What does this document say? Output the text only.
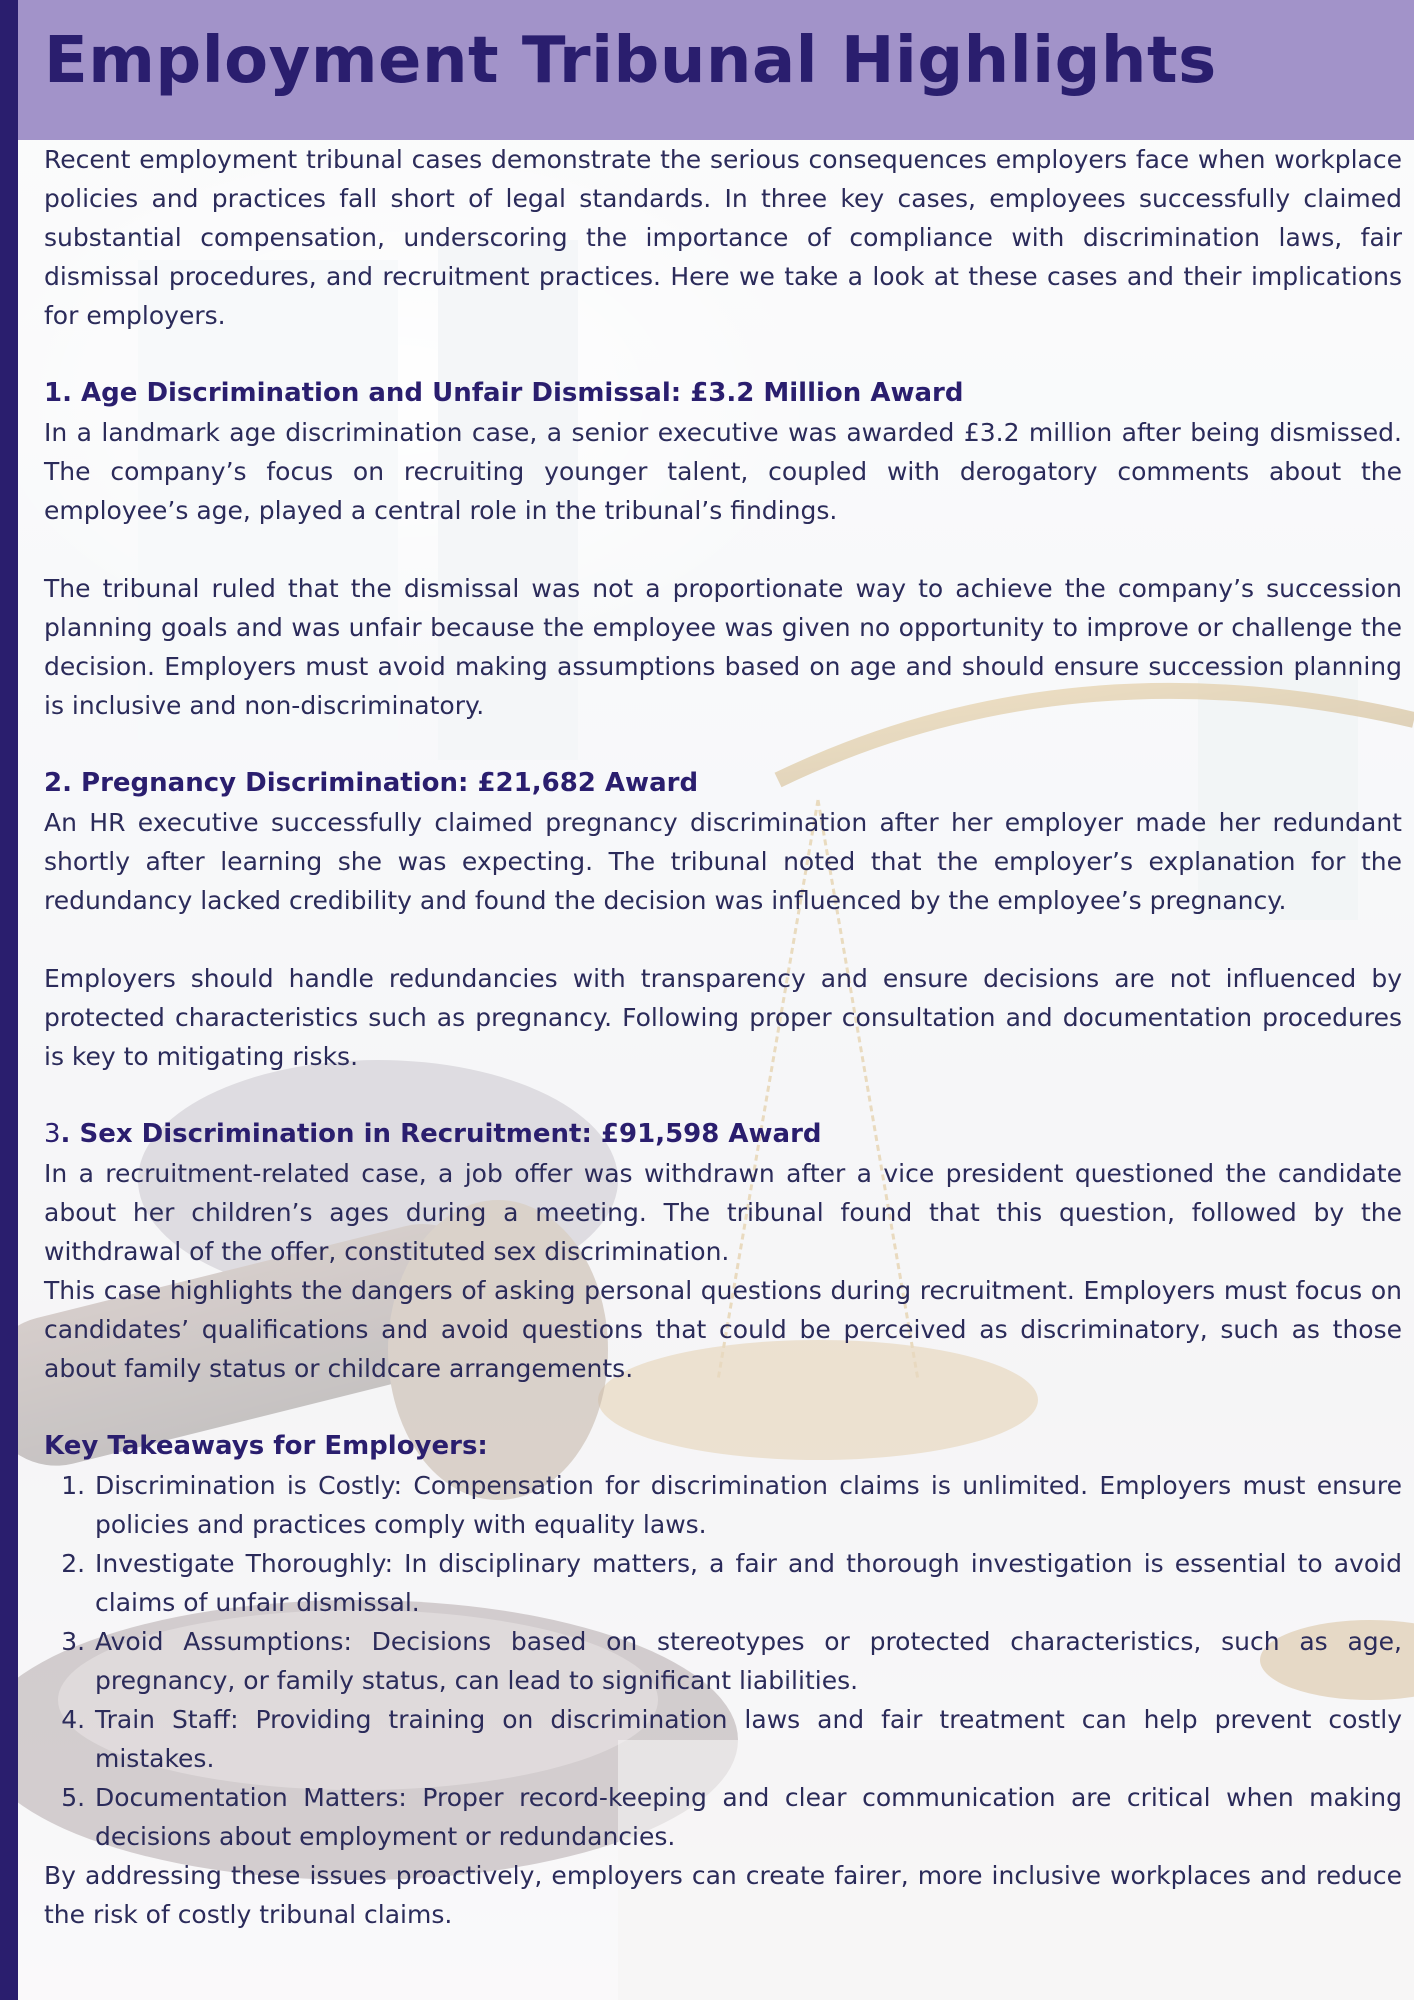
Employment Tribunal Highlights

Recent employment tribunal cases demonstrate the serious consequences employers face when workplace policies and practices fall short of legal standards. In three key cases, employees successfully claimed substantial compensation, underscoring the importance of compliance with discrimination laws, fair dismissal procedures, and recruitment practices. Here we take a look at these cases and their implications for employers.

1. Age Discrimination and Unfair Dismissal: £3.2 Million Award

In a landmark age discrimination case, a senior executive was awarded £3.2 million after being dismissed. The company’s focus on recruiting younger talent, coupled with derogatory comments about the employee’s age, played a central role in the tribunal’s findings.

The tribunal ruled that the dismissal was not a proportionate way to achieve the company’s succession planning goals and was unfair because the employee was given no opportunity to improve or challenge the decision. Employers must avoid making assumptions based on age and should ensure succession planning is inclusive and non-discriminatory.

2. Pregnancy Discrimination: £21,682 Award

An HR executive successfully claimed pregnancy discrimination after her employer made her redundant shortly after learning she was expecting. The tribunal noted that the employer’s explanation for the redundancy lacked credibility and found the decision was influenced by the employee’s pregnancy.

Employers should handle redundancies with transparency and ensure decisions are not influenced by protected characteristics such as pregnancy. Following proper consultation and documentation procedures is key to mitigating risks.

3. Sex Discrimination in Recruitment: £91,598 Award

In a recruitment-related case, a job offer was withdrawn after a vice president questioned the candidate about her children’s ages during a meeting. The tribunal found that this question, followed by the withdrawal of the offer, constituted sex discrimination.

This case highlights the dangers of asking personal questions during recruitment. Employers must focus on candidates’ qualifications and avoid questions that could be perceived as discriminatory, such as those about family status or childcare arrangements.

Key Takeaways for Employers:
1. Discrimination is Costly: Compensation for discrimination claims is unlimited. Employers must ensure policies and practices comply with equality laws.
2. Investigate Thoroughly: In disciplinary matters, a fair and thorough investigation is essential to avoid claims of unfair dismissal.
3. Avoid Assumptions: Decisions based on stereotypes or protected characteristics, such as age, pregnancy, or family status, can lead to significant liabilities.
4. Train Staff: Providing training on discrimination laws and fair treatment can help prevent costly mistakes.
5. Documentation Matters: Proper record-keeping and clear communication are critical when making decisions about employment or redundancies.

By addressing these issues proactively, employers can create fairer, more inclusive workplaces and reduce the risk of costly tribunal claims.
